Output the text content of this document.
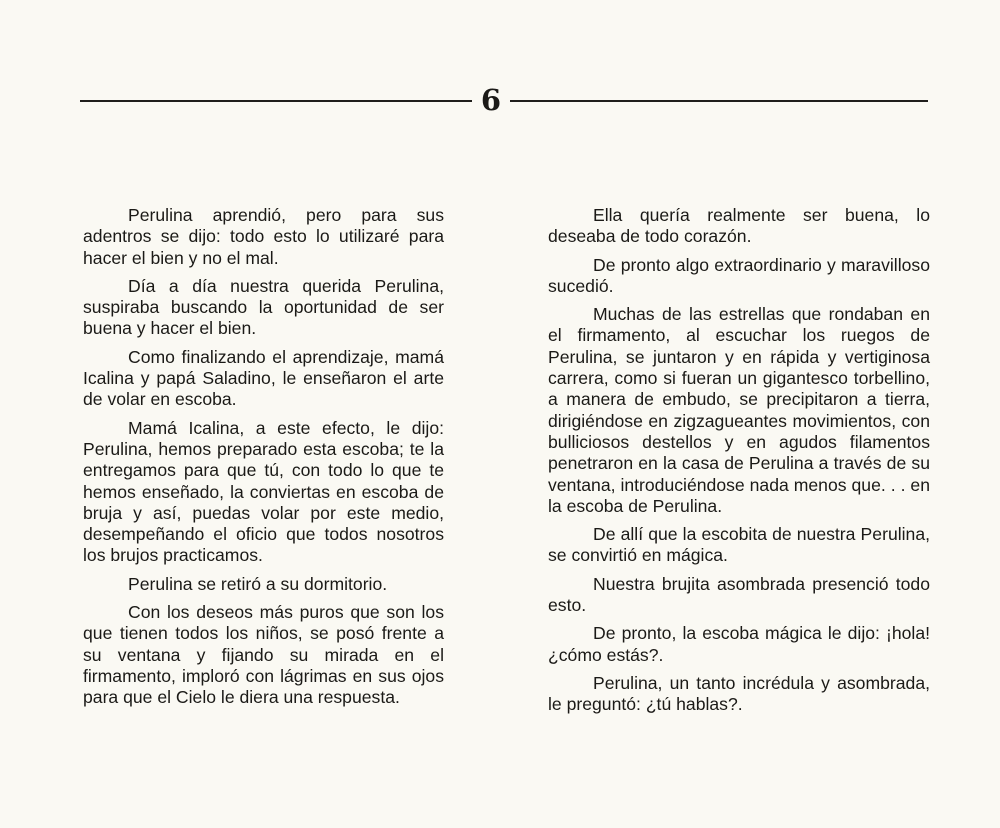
6

Perulina aprendió, pero para sus adentros se dijo: todo esto lo utilizaré para hacer el bien y no el mal.

Día a día nuestra querida Perulina, suspiraba buscando la oportunidad de ser buena y hacer el bien.

Como finalizando el aprendizaje, mamá Icalina y papá Saladino, le enseñaron el arte de volar en escoba.

Mamá Icalina, a este efecto, le dijo: Perulina, hemos preparado esta escoba; te la entregamos para que tú, con todo lo que te hemos enseñado, la conviertas en escoba de bruja y así, puedas volar por este medio, desempeñando el oficio que todos nosotros los brujos practicamos.

Perulina se retiró a su dormitorio.

Con los deseos más puros que son los que tienen todos los niños, se posó frente a su ventana y fijando su mirada en el firmamento, imploró con lágrimas en sus ojos para que el Cielo le diera una respuesta.

Ella quería realmente ser buena, lo deseaba de todo corazón.

De pronto algo extraordinario y maravilloso sucedió.

Muchas de las estrellas que rondaban en el firmamento, al escuchar los ruegos de Perulina, se juntaron y en rápida y vertiginosa carrera, como si fueran un gigantesco torbellino, a manera de embudo, se precipitaron a tierra, dirigiéndose en zigzagueantes movimientos, con bulliciosos destellos y en agudos filamentos penetraron en la casa de Perulina a través de su ventana, introduciéndose nada menos que. . . en la escoba de Perulina.

De allí que la escobita de nuestra Perulina, se convirtió en mágica.

Nuestra brujita asombrada presenció todo esto.

De pronto, la escoba mágica le dijo: ¡hola! ¿cómo estás?.

Perulina, un tanto incrédula y asombrada, le preguntó: ¿tú hablas?.
